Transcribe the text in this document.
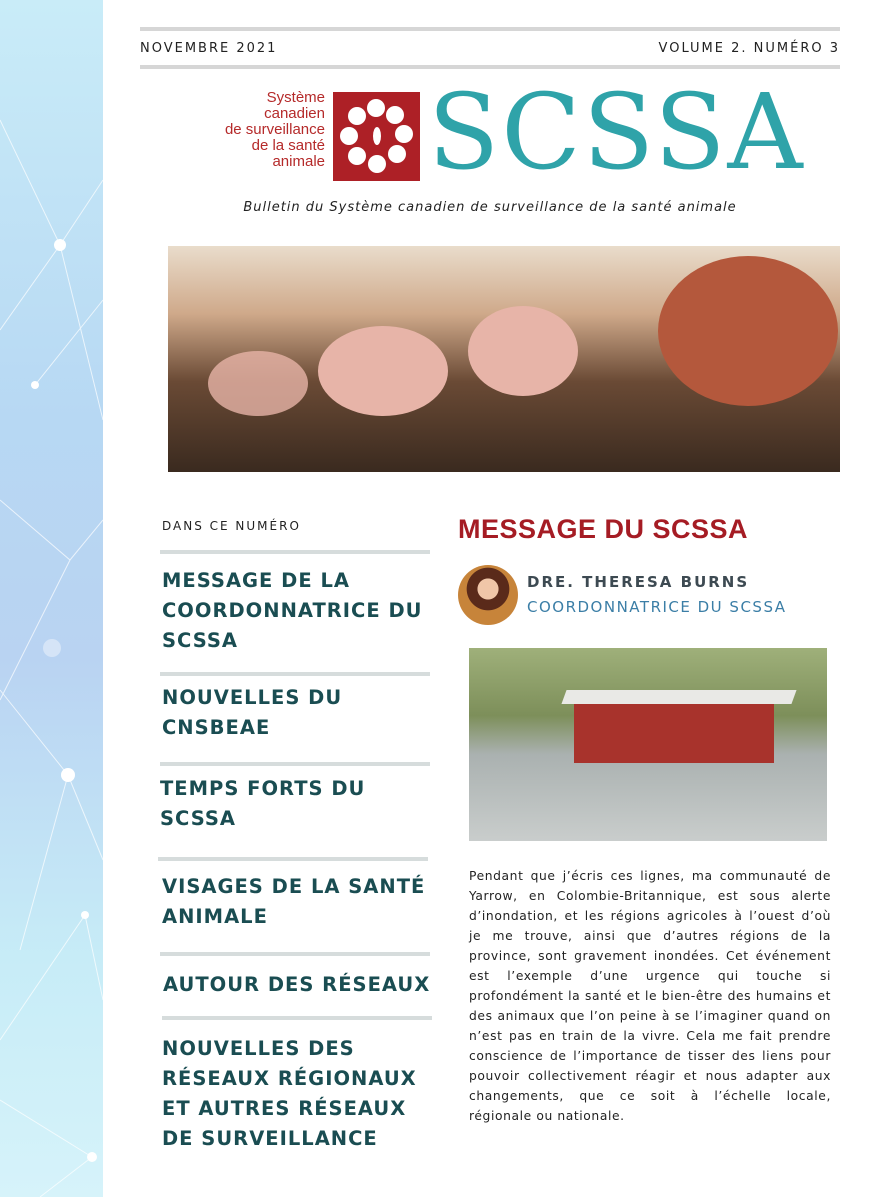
NOVEMBRE 2021	VOLUME 2. NUMÉRO 3
Système
canadien
de surveillance
de la santé
animale SCSSA
Bulletin du Système canadien de surveillance de la santé animale
DANS CE NUMÉRO
MESSAGE DE LA COORDONNATRICE DU SCSSA
NOUVELLES DU CNSBEAE
TEMPS FORTS DU SCSSA
VISAGES DE LA SANTÉ ANIMALE
AUTOUR DES RÉSEAUX
NOUVELLES DES RÉSEAUX RÉGIONAUX ET AUTRES RÉSEAUX DE SURVEILLANCE
MESSAGE DU SCSSA
DRE. THERESA BURNS
COORDONNATRICE DU SCSSA
Pendant que j’écris ces lignes, ma communauté de Yarrow, en Colombie-Britannique, est sous alerte d’inondation, et les régions agricoles à l’ouest d’où je me trouve, ainsi que d’autres régions de la province, sont gravement inondées. Cet événement est l’exemple d’une urgence qui touche si profondément la santé et le bien-être des humains et des animaux que l’on peine à se l’imaginer quand on n’est pas en train de la vivre. Cela me fait prendre conscience de l’importance de tisser des liens pour pouvoir collectivement réagir et nous adapter aux changements, que ce soit à l’échelle locale, régionale ou nationale.
